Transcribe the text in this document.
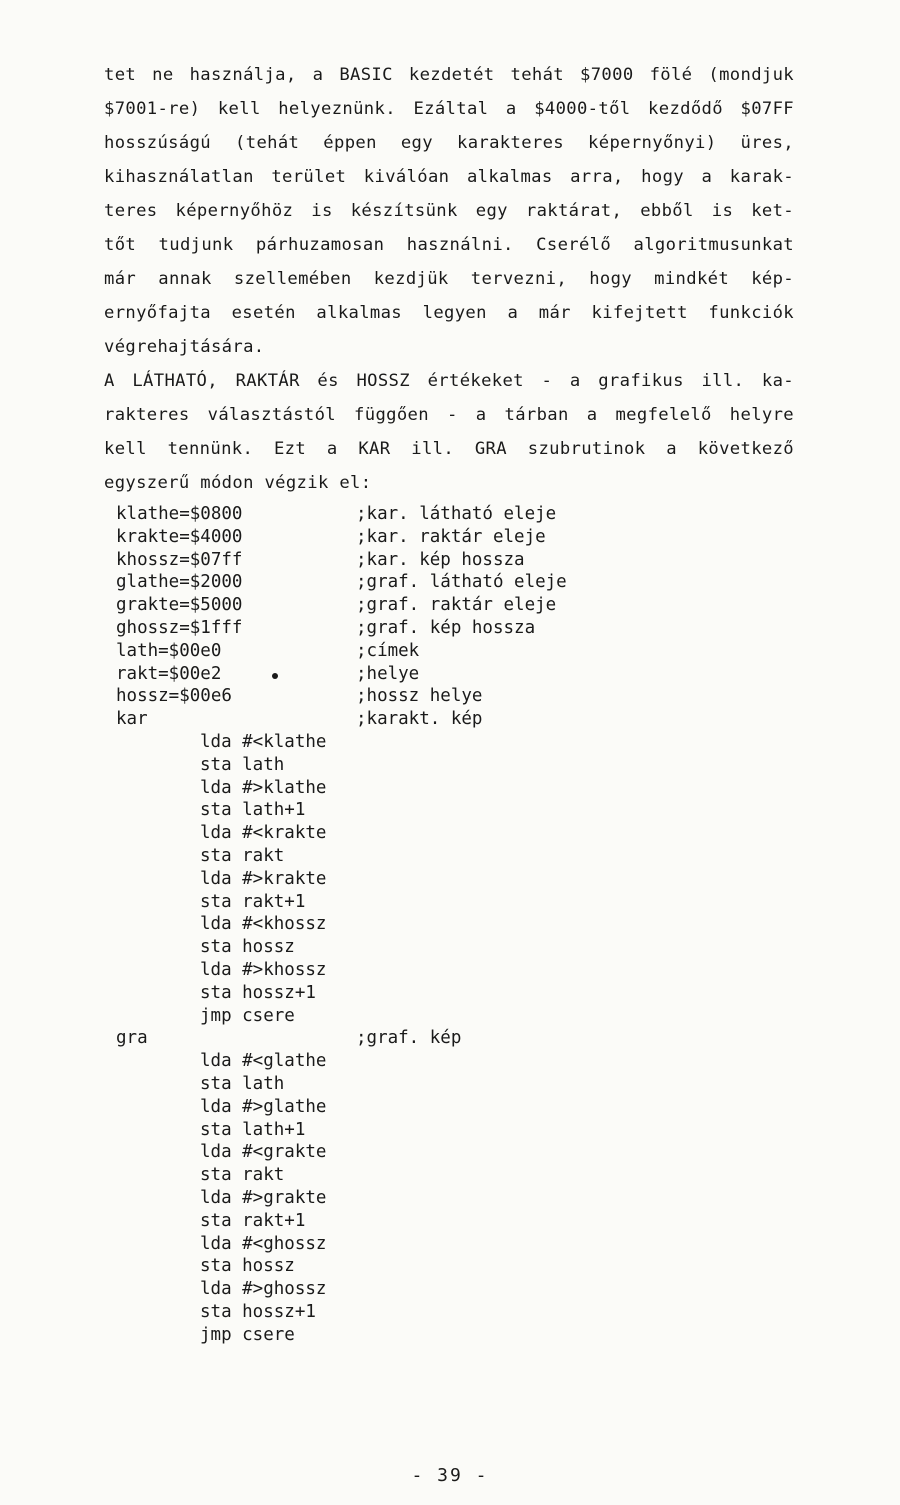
tet ne használja, a BASIC kezdetét tehát $7000 fölé (mondjuk
$7001-re) kell helyeznünk. Ezáltal a $4000-től kezdődő $07FF
hosszúságú (tehát éppen egy karakteres képernyőnyi) üres,
kihasználatlan terület kiválóan alkalmas arra, hogy a karak-
teres képernyőhöz is készítsünk egy raktárat, ebből is ket-
tőt tudjunk párhuzamosan használni. Cserélő algoritmusunkat
már annak szellemében kezdjük tervezni, hogy mindkét kép-
ernyőfajta esetén alkalmas legyen a már kifejtett funkciók
végrehajtására.
A LÁTHATÓ, RAKTÁR és HOSSZ értékeket - a grafikus ill. ka-
rakteres választástól függően - a tárban a megfelelő helyre
kell tennünk. Ezt a KAR ill. GRA szubrutinok a következő
egyszerű módon végzik el:
klathe=$0800	;kar. látható eleje
krakte=$4000	;kar. raktár eleje
khossz=$07ff	;kar. kép hossza
glathe=$2000	;graf. látható eleje
grakte=$5000	;graf. raktár eleje
ghossz=$1fff	;graf. kép hossza
lath=$00e0	;címek
rakt=$00e2	;helye
hossz=$00e6	;hossz helye
kar	;karakt. kép
lda #<klathe
sta lath
lda #>klathe
sta lath+1
lda #<krakte
sta rakt
lda #>krakte
sta rakt+1
lda #<khossz
sta hossz
lda #>khossz
sta hossz+1
jmp csere
gra	;graf. kép
lda #<glathe
sta lath
lda #>glathe
sta lath+1
lda #<grakte
sta rakt
lda #>grakte
sta rakt+1
lda #<ghossz
sta hossz
lda #>ghossz
sta hossz+1
jmp csere
- 39 -
